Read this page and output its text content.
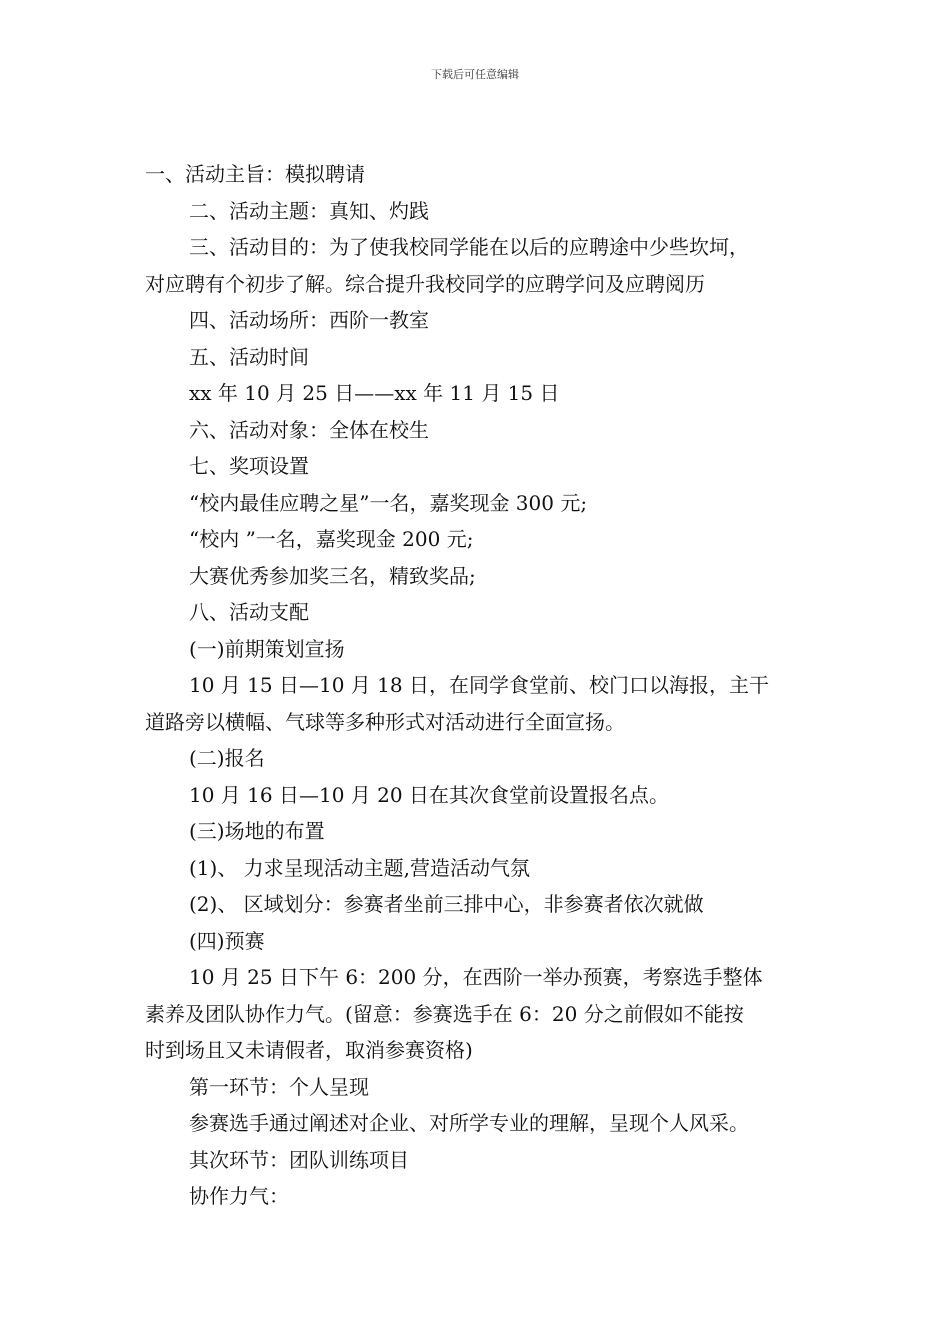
下载后可任意编辑

一、活动主旨：模拟聘请

二、活动主题：真知、灼践

三、活动目的：为了使我校同学能在以后的应聘途中少些坎坷，

对应聘有个初步了解。综合提升我校同学的应聘学问及应聘阅历

四、活动场所：西阶一教室

五、活动时间

xx 年 10 月 25 日——xx 年 11 月 15 日

六、活动对象：全体在校生

七、奖项设置

“校内最佳应聘之星”一名，嘉奖现金 300 元;

“校内 ”一名，嘉奖现金 200 元;

大赛优秀参加奖三名，精致奖品;

八、活动支配

(一)前期策划宣扬

10 月 15 日—10 月 18 日，在同学食堂前、校门口以海报，主干

道路旁以横幅、气球等多种形式对活动进行全面宣扬。

(二)报名

10 月 16 日—10 月 20 日在其次食堂前设置报名点。

(三)场地的布置

(1)、 力求呈现活动主题,营造活动气氛

(2)、 区域划分：参赛者坐前三排中心，非参赛者依次就做

(四)预赛

10 月 25 日下午 6：200 分，在西阶一举办预赛，考察选手整体

素养及团队协作力气。(留意：参赛选手在 6：20 分之前假如不能按

时到场且又未请假者，取消参赛资格)

第一环节：个人呈现

参赛选手通过阐述对企业、对所学专业的理解，呈现个人风采。

其次环节：团队训练项目

协作力气：
